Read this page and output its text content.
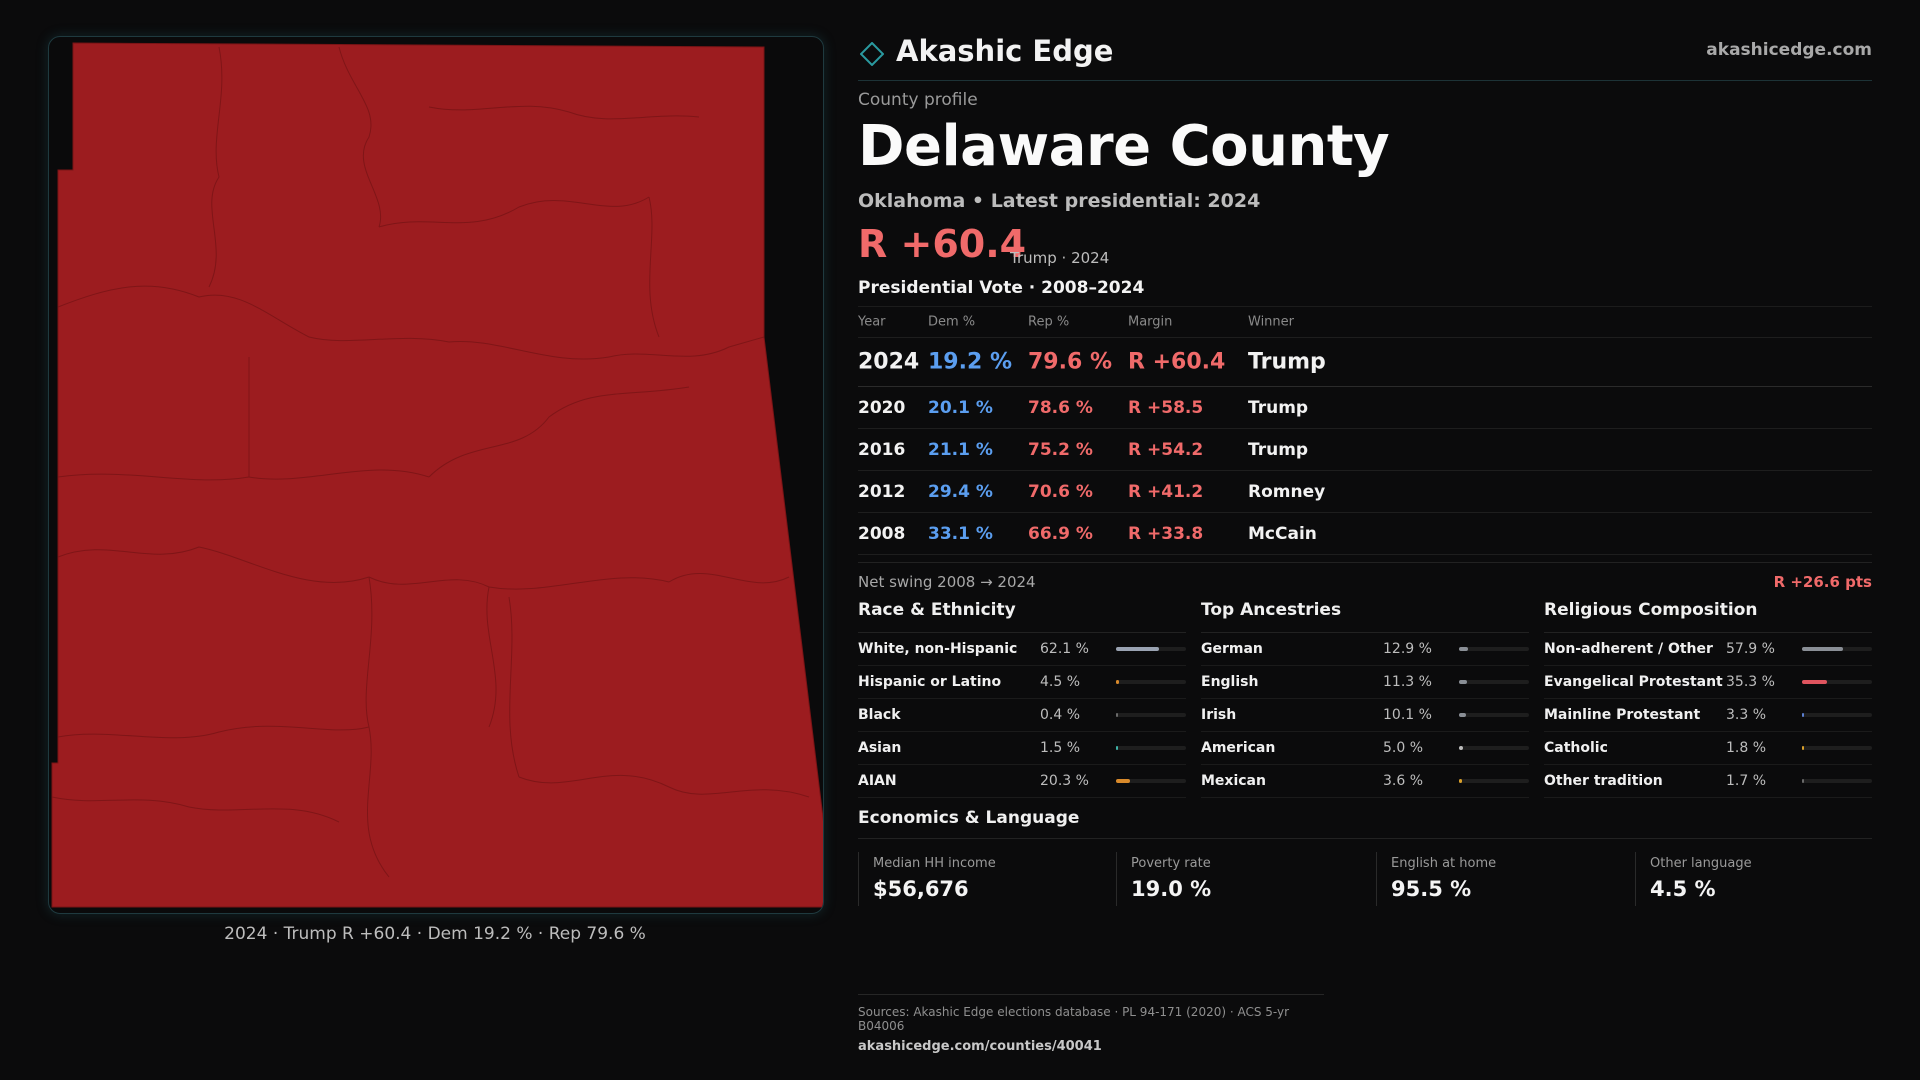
2024 · Trump R +60.4 · Dem 19.2 % · Rep 79.6 %
Akashic Edge	akashicedge.com
County profile
Delaware County
Oklahoma • Latest presidential: 2024
R +60.4
Trump · 2024
Presidential Vote · 2008–2024
Year	Dem %	Rep %	Margin	Winner
2024 19.2 % 79.6 % R +60.4 Trump
2020 20.1 % 78.6 % R +58.5	Trump
2016 21.1 % 75.2 % R +54.2	Trump
2012 29.4 % 70.6 % R +41.2	Romney
2008 33.1 % 66.9 % R +33.8	McCain
Net swing 2008 → 2024	R +26.6 pts
Race & Ethnicity
White, non-Hispanic 62.1 %
Hispanic or Latino	4.5 %
Black	0.4 %
Asian	1.5 %
AIAN	20.3 %
Top Ancestries
German	12.9 %
English	11.3 %
Irish	10.1 %
American	5.0 %
Mexican	3.6 %
Religious Composition
Non-adherent / Other 57.9 %
Evangelical Protestant 35.3 %
Mainline Protestant 3.3 %
Catholic	1.8 %
Other tradition	1.7 %
Economics & Language
Median HH income
$56,676
Poverty rate
19.0 %
English at home
95.5 %
Other language
4.5 %
Sources: Akashic Edge elections database · PL 94-171 (2020) · ACS 5-yr B04006
akashicedge.com/counties/40041
